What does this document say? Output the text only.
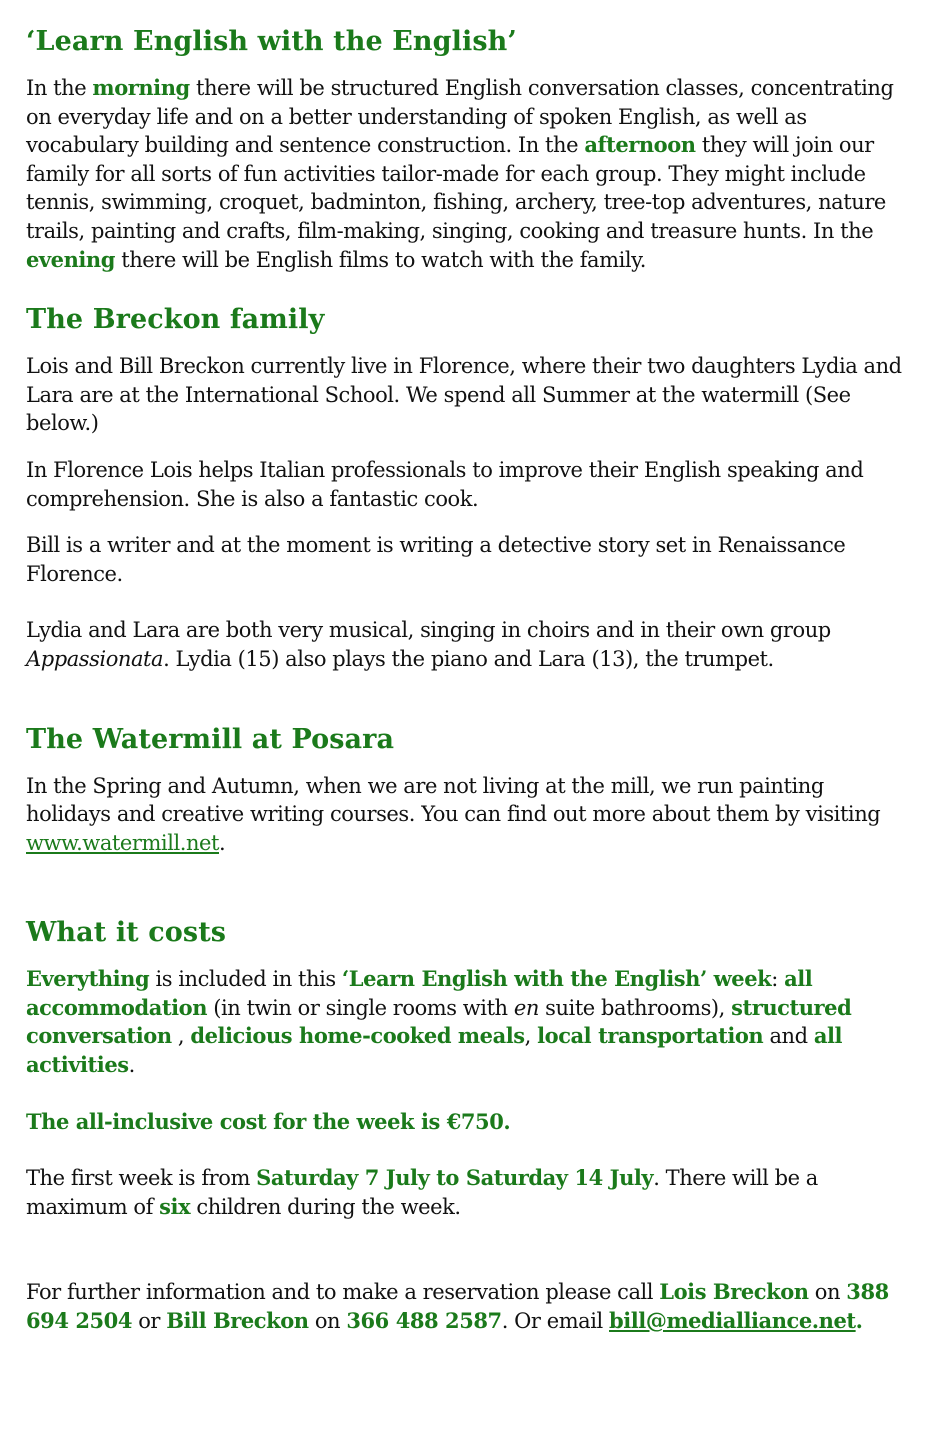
‘Learn English with the English’

In the morning there will be structured English conversation classes, concentrating on everyday life and on a better understanding of spoken English, as well as vocabulary building and sentence construction. In the afternoon they will join our family for all sorts of fun activities tailor-made for each group. They might include tennis, swimming, croquet, badminton, fishing, archery, tree-top adventures, nature trails, painting and crafts, film-making, singing, cooking and treasure hunts. In the evening there will be English films to watch with the family.

The Breckon family

Lois and Bill Breckon currently live in Florence, where their two daughters Lydia and Lara are at the International School. We spend all Summer at the watermill (See below.)

In Florence Lois helps Italian professionals to improve their English speaking and comprehension. She is also a fantastic cook.

Bill is a writer and at the moment is writing a detective story set in Renaissance Florence.

Lydia and Lara are both very musical, singing in choirs and in their own group Appassionata. Lydia (15) also plays the piano and Lara (13), the trumpet.

The Watermill at Posara

In the Spring and Autumn, when we are not living at the mill, we run painting holidays and creative writing courses. You can find out more about them by visiting www.watermill.net.

What it costs

Everything is included in this ‘Learn English with the English’ week: all accommodation (in twin or single rooms with en suite bathrooms), structured conversation , delicious home-cooked meals, local transportation and all activities.

The all-inclusive cost for the week is €750.

The first week is from Saturday 7 July to Saturday 14 July. There will be a maximum of six children during the week.

For further information and to make a reservation please call Lois Breckon on 388 694 2504 or Bill Breckon on 366 488 2587. Or email bill@medialliance.net.
